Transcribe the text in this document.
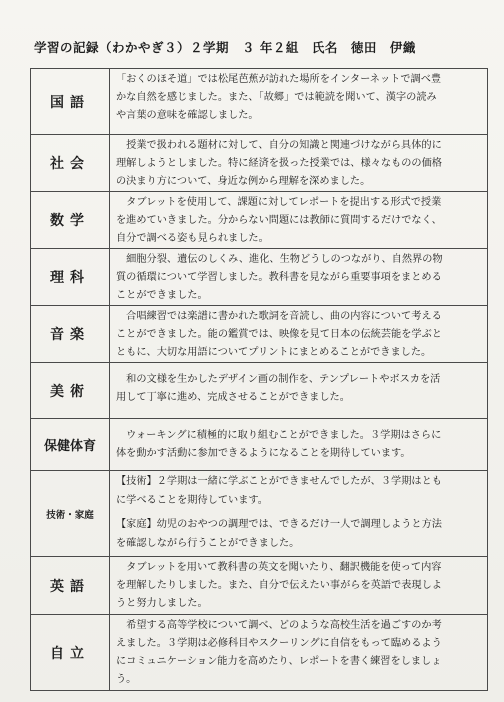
学習の記録（わかやぎ３）２学期　３ 年２組　氏名　徳田　伊織
国語	「おくのほそ道」では松尾芭蕉が訪れた場所をインターネットで調べ豊

かな自然を感じました。また、「故郷」では範読を聞いて、漢字の読み

や言葉の意味を確認しました。

社会	　授業で扱われる題材に対して、自分の知識と関連づけながら具体的に

理解しようとしました。特に経済を扱った授業では、様々なものの価格

の決まり方について、身近な例から理解を深めました。

数学	　タブレットを使用して、課題に対してレポートを提出する形式で授業

を進めていきました。分からない問題には教師に質問するだけでなく、

自分で調べる姿も見られました。

理科	　細胞分裂、遺伝のしくみ、進化、生物どうしのつながり、自然界の物

質の循環について学習しました。教科書を見ながら重要事項をまとめる

ことができました。

音楽	　合唱練習では楽譜に書かれた歌詞を音読し、曲の内容について考える

ことができました。能の鑑賞では、映像を見て日本の伝統芸能を学ぶと

ともに、大切な用語についてプリントにまとめることができました。

美術	　和の文様を生かしたデザイン画の制作を、テンプレートやボスカを活

用して丁寧に進め、完成させることができました。

保健体育	　ウォーキングに積極的に取り組むことができました。３学期はさらに

体を動かす活動に参加できるようになることを期待しています。

技術・家庭	【技術】２学期は一緒に学ぶことができませんでしたが、３学期はとも

に学べることを期待しています。

【家庭】幼児のおやつの調理では、できるだけ一人で調理しようと方法

を確認しながら行うことができました。

英語	　タブレットを用いて教科書の英文を聞いたり、翻訳機能を使って内容

を理解したりしました。また、自分で伝えたい事がらを英語で表現しよ

うと努力しました。

自立	　希望する高等学校について調べ、どのような高校生活を過ごすのか考

えました。３学期は必修科目やスクーリングに自信をもって臨めるよう

にコミュニケーション能力を高めたり、レポートを書く練習をしましょ

う。
